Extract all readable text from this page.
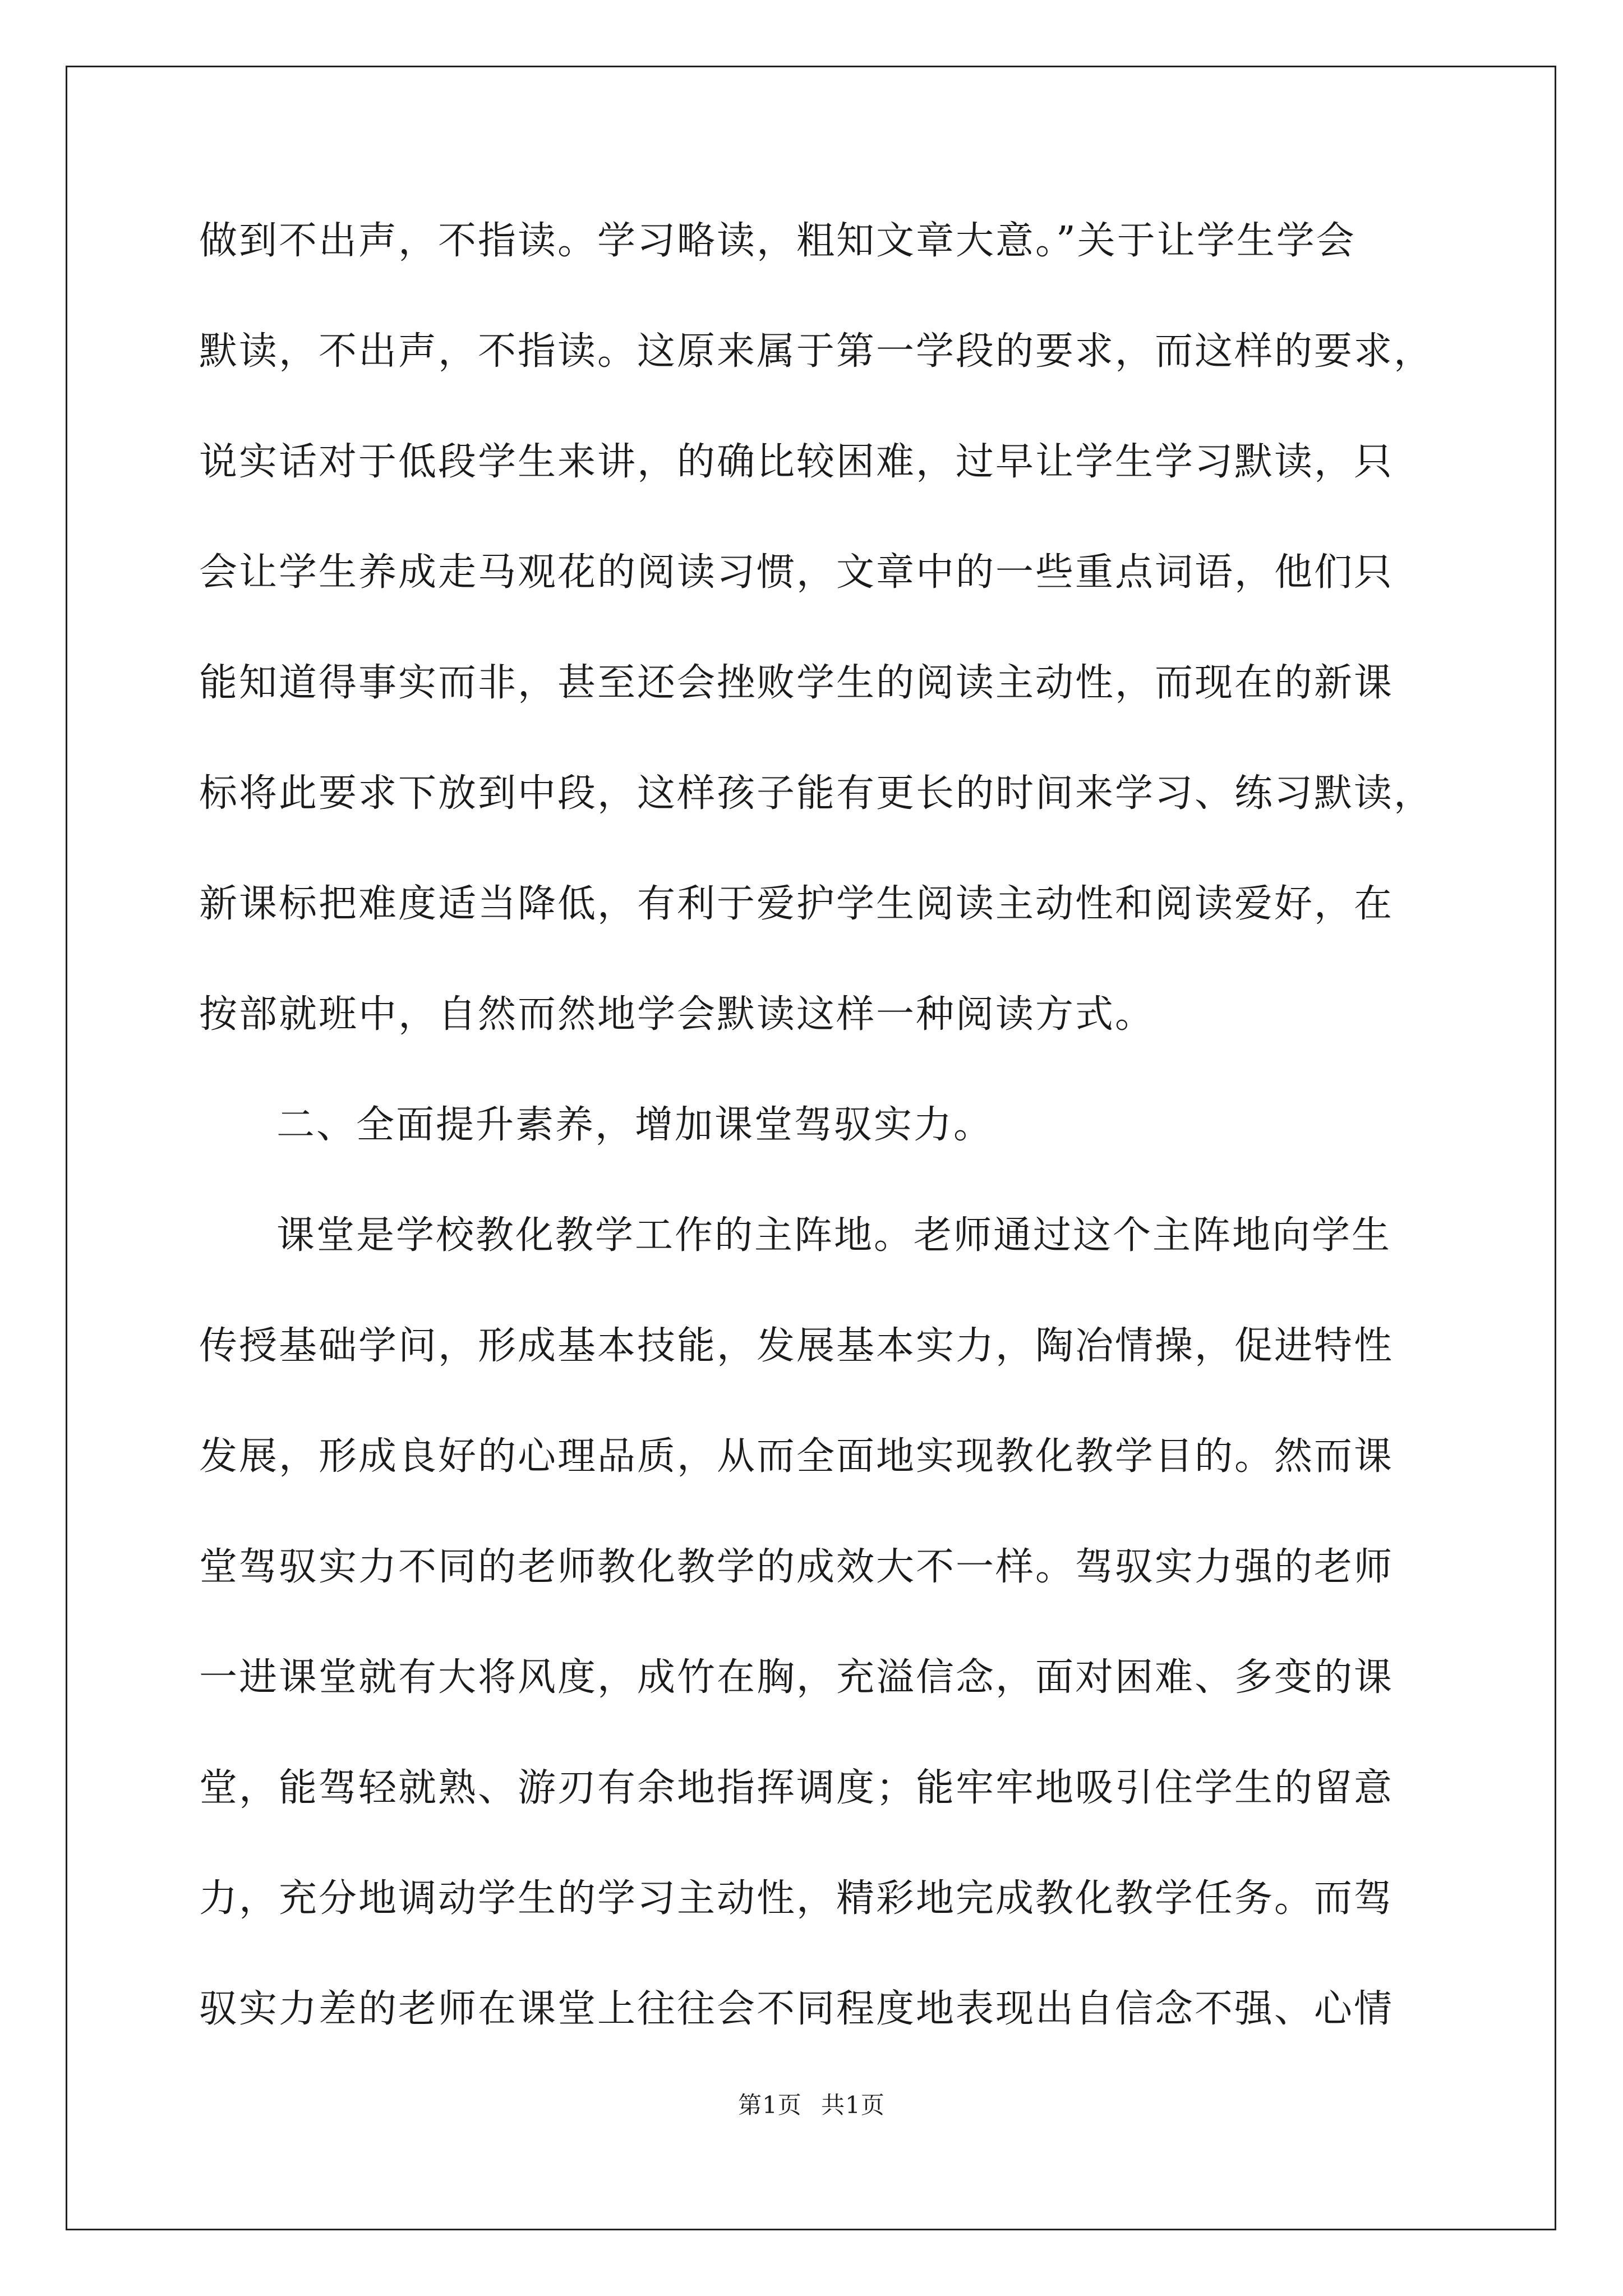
做到不出声，不指读。学习略读，粗知文章大意。”关于让学生学会
默读，不出声，不指读。这原来属于第一学段的要求，而这样的要求，
说实话对于低段学生来讲，的确比较困难，过早让学生学习默读，只
会让学生养成走马观花的阅读习惯，文章中的一些重点词语，他们只
能知道得事实而非，甚至还会挫败学生的阅读主动性，而现在的新课
标将此要求下放到中段，这样孩子能有更长的时间来学习、练习默读，
新课标把难度适当降低，有利于爱护学生阅读主动性和阅读爱好，在
按部就班中，自然而然地学会默读这样一种阅读方式。
二、全面提升素养，增加课堂驾驭实力。
课堂是学校教化教学工作的主阵地。老师通过这个主阵地向学生
传授基础学问，形成基本技能，发展基本实力，陶冶情操，促进特性
发展，形成良好的心理品质，从而全面地实现教化教学目的。然而课
堂驾驭实力不同的老师教化教学的成效大不一样。驾驭实力强的老师
一进课堂就有大将风度，成竹在胸，充溢信念，面对困难、多变的课
堂，能驾轻就熟、游刃有余地指挥调度；能牢牢地吸引住学生的留意
力，充分地调动学生的学习主动性，精彩地完成教化教学任务。而驾
驭实力差的老师在课堂上往往会不同程度地表现出自信念不强、心情
第1页 共1页
